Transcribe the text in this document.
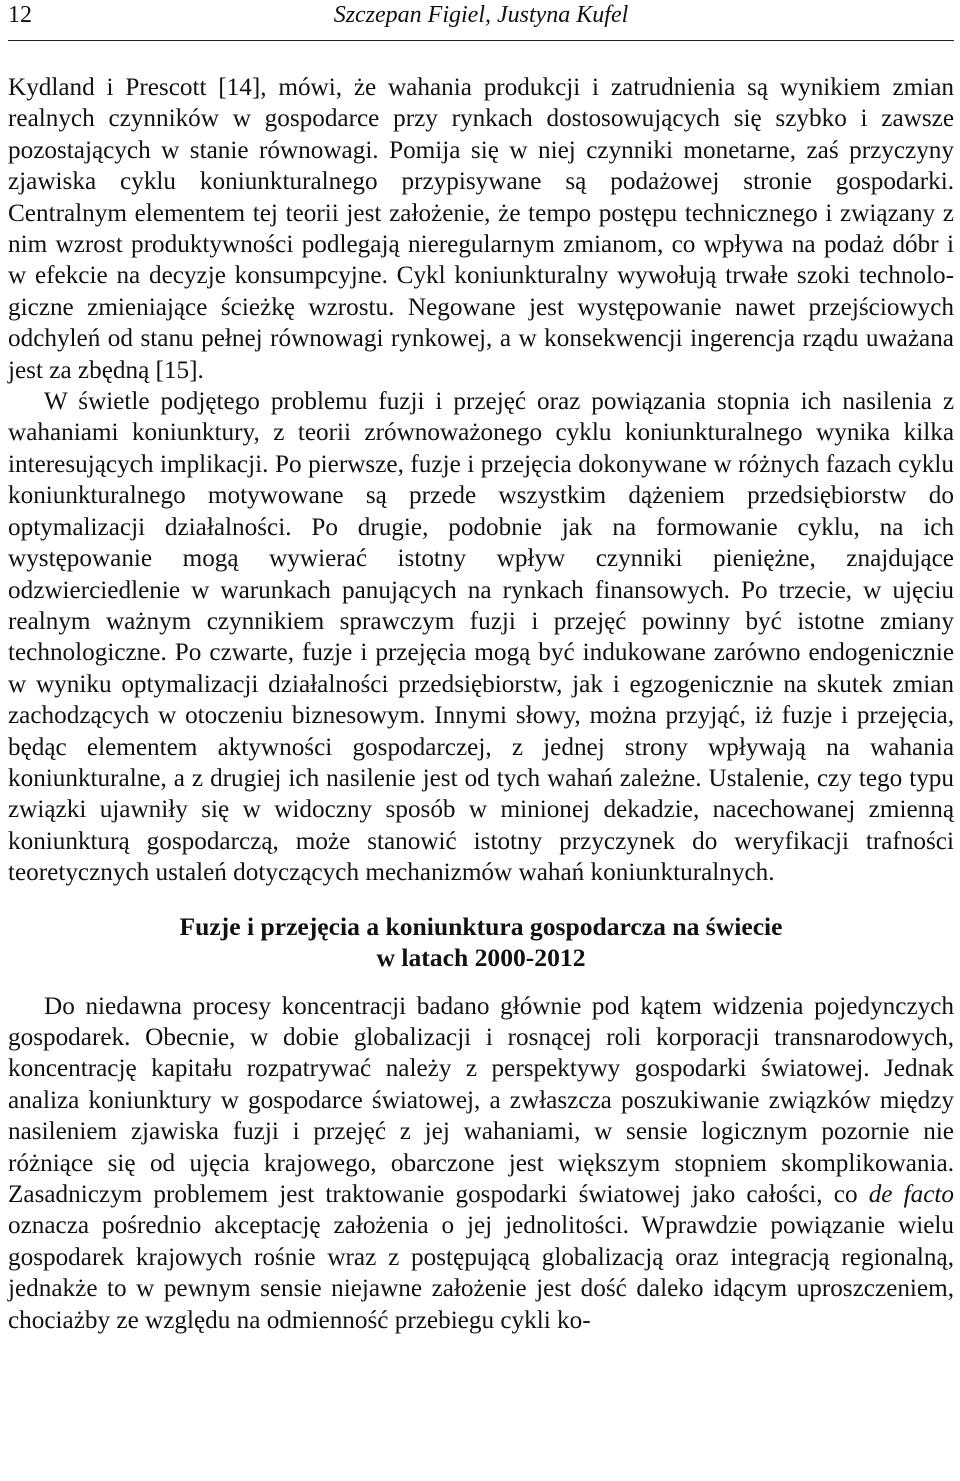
12	Szczepan Figiel, Justyna Kufel

Kydland i Prescott [14], mówi, że wahania produkcji i zatrudnienia są wynikiem zmian realnych czynników w gospodarce przy rynkach dostosowujących się szybko i zawsze pozostających w stanie równowagi. Pomija się w niej czynniki monetarne, zaś przyczyny zjawiska cyklu koniunkturalnego przypisywane są podażowej stronie gospodarki. Centralnym elementem tej teorii jest założenie, że tempo postępu technicznego i związany z nim wzrost produktywności podlegają nieregularnym zmianom, co wpływa na podaż dóbr i w efekcie na decyzje konsumpcyjne. Cykl koniunkturalny wywołują trwałe szoki technologiczne zmieniające ścieżkę wzrostu. Negowane jest występowanie nawet przejściowych odchyleń od stanu pełnej równowagi rynkowej, a w konsekwencji ingerencja rządu uważana jest za zbędną [15].

W świetle podjętego problemu fuzji i przejęć oraz powiązania stopnia ich nasilenia z wahaniami koniunktury, z teorii zrównoważonego cyklu koniunkturalnego wynika kilka interesujących implikacji. Po pierwsze, fuzje i przejęcia dokonywane w różnych fazach cyklu koniunkturalnego motywowane są przede wszystkim dążeniem przedsiębiorstw do optymalizacji działalności. Po drugie, podobnie jak na formowanie cyklu, na ich występowanie mogą wywierać istotny wpływ czynniki pieniężne, znajdujące odzwierciedlenie w warunkach panujących na rynkach finansowych. Po trzecie, w ujęciu realnym ważnym czynnikiem sprawczym fuzji i przejęć powinny być istotne zmiany technologiczne. Po czwarte, fuzje i przejęcia mogą być indukowane zarówno endogenicznie w wyniku optymalizacji działalności przedsiębiorstw, jak i egzogenicznie na skutek zmian zachodzących w otoczeniu biznesowym. Innymi słowy, można przyjąć, iż fuzje i przejęcia, będąc elementem aktywności gospodarczej, z jednej strony wpływają na wahania koniunkturalne, a z drugiej ich nasilenie jest od tych wahań zależne. Ustalenie, czy tego typu związki ujawniły się w widoczny sposób w minionej dekadzie, nacechowanej zmienną koniunkturą gospodarczą, może stanowić istotny przyczynek do weryfikacji trafności teoretycznych ustaleń dotyczących mechanizmów wahań koniunkturalnych.

Fuzje i przejęcia a koniunktura gospodarcza na świecie
w latach 2000-2012

Do niedawna procesy koncentracji badano głównie pod kątem widzenia pojedynczych gospodarek. Obecnie, w dobie globalizacji i rosnącej roli korporacji transnarodowych, koncentrację kapitału rozpatrywać należy z perspektywy gospodarki światowej. Jednak analiza koniunktury w gospodarce światowej, a zwłaszcza poszukiwanie związków między nasileniem zjawiska fuzji i przejęć z jej wahaniami, w sensie logicznym pozornie nie różniące się od ujęcia krajowego, obarczone jest większym stopniem skomplikowania. Zasadniczym problemem jest traktowanie gospodarki światowej jako całości, co de facto oznacza pośrednio akceptację założenia o jej jednolitości. Wprawdzie powiązanie wielu gospodarek krajowych rośnie wraz z postępującą globalizacją oraz integracją regionalną, jednakże to w pewnym sensie niejawne założenie jest dość daleko idącym uproszczeniem, chociażby ze względu na odmienność przebiegu cykli ko-
